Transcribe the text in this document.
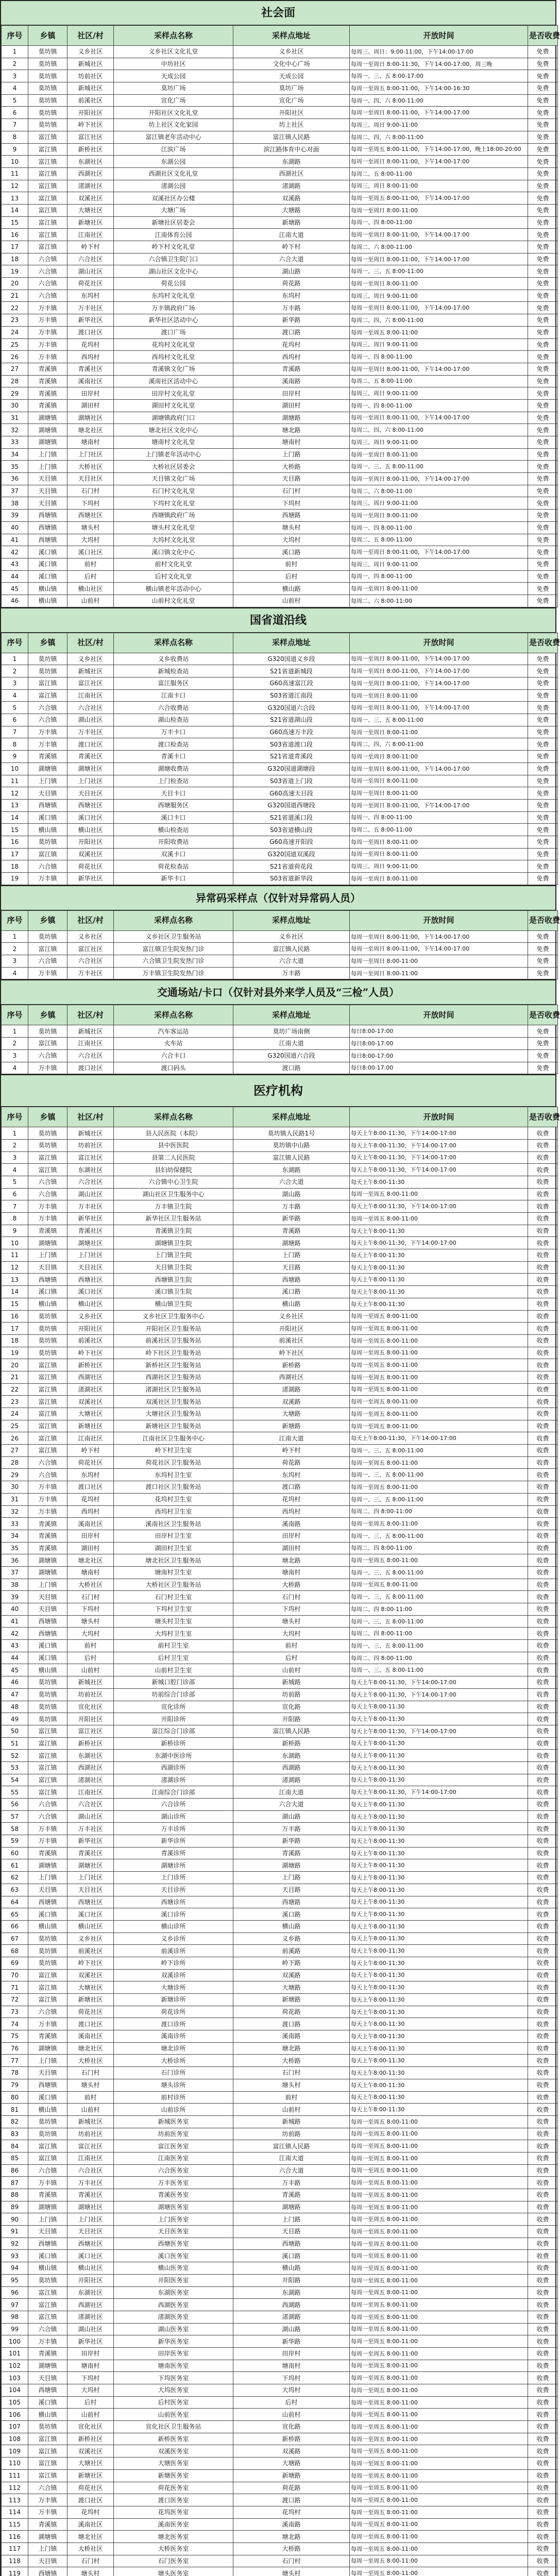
社会面
序号	乡镇	社区/村	采样点名称	采样点地址	开放时间	是否收费
1	莫坊镇	义乡社区	义乡社区文化礼堂	义乡社区	每周三、周日：9:00-11:00，下午14:00-17:00	免费
2	莫坊镇	新城社区	中坊社区	文化中心广场	每周一至周日 8:00-11:30，下午14:00-17:00，周三晚	免费
3	莫坊镇	坊前社区	天成公园	天成公园	每周一、三、五 8:00-17:00	免费
4	莫坊镇	新城社区	莫坊广场	莫坊广场	每周一至周五 8:00-11:00，下午14:00-16:30	免费
5	莫坊镇	前溪社区	宣化广场	宣化广场	每周一、四、六 8:00-11:00	免费
6	莫坊镇	开阳社区	开阳社区文化礼堂	开阳社区	每周一至周日 8:00-11:00，下午14:00-17:00	免费
7	莫坊镇	岭下社区	坊上社区文化家园	坊上社区	每周三、周日 9:00-11:00	免费
8	富江镇	富江社区	富江镇老年活动中心	富江镇人民路	每周二、四、六 8:00-11:00	免费
9	富江镇	新桥社区	江滨广场	滨江路体育中心对面	每周一至周五 8:00-11:00，下午14:00-17:00，晚上18:00-20:00	免费
10	富江镇	东湖社区	东湖公园	东湖路	每周一至周日 8:00-11:00，下午14:00-17:00	免费
11	富江镇	西湖社区	西湖社区文化礼堂	西湖社区	每周二、五 8:00-11:00	免费
12	富江镇	渚湖社区	渚湖公园	渚湖路	每周三、周日 8:00-11:00	免费
13	富江镇	双溪社区	双溪社区办公楼	双溪路	每周一至周五 8:00-11:00，下午14:00-17:00	免费
14	富江镇	大塘社区	大塘广场	大塘路	每周一至周日 8:00-11:00	免费
15	富江镇	新塘社区	新塘社区居委会	新塘路	每周一、四 8:00-11:00	免费
16	富江镇	江南社区	江南体育公园	江南大道	每周一至周日 8:00-11:00，下午14:00-17:00	免费
17	富江镇	岭下村	岭下村文化礼堂	岭下村	每周二、六 8:00-11:00	免费
18	六合镇	六合社区	六合镇卫生院门口	六合大道	每周一至周日 8:00-11:00，下午14:00-17:00	免费
19	六合镇	湖山社区	湖山社区文化中心	湖山路	每周一、三、五 8:00-11:00	免费
20	六合镇	荷花社区	荷花公园	荷花路	每周一至周日 8:00-11:00	免费
21	六合镇	东坞村	东坞村文化礼堂	东坞村	每周三、周日 9:00-11:00	免费
22	万丰镇	万丰社区	万丰镇政府广场	万丰路	每周一至周日 8:00-11:00，下午14:00-17:00	免费
23	万丰镇	新华社区	新华社区活动中心	新华路	每周二、四、六 8:00-11:00	免费
24	万丰镇	渡口社区	渡口广场	渡口路	每周一至周五 8:00-11:00	免费
25	万丰镇	花坞村	花坞村文化礼堂	花坞村	每周三、周日 9:00-11:00	免费
26	万丰镇	西坞村	西坞村文化礼堂	西坞村	每周一、四 8:00-11:00	免费
27	青溪镇	青溪社区	青溪镇文化广场	青溪路	每周一至周日 8:00-11:00，下午14:00-17:00	免费
28	青溪镇	溪南社区	溪南社区活动中心	溪南路	每周二、五 8:00-11:00	免费
29	青溪镇	田岸村	田岸村文化礼堂	田岸村	每周三、周日 9:00-11:00	免费
30	青溪镇	湖田村	湖田村文化礼堂	湖田村	每周一、四 8:00-11:00	免费
31	湖塘镇	湖塘社区	湖塘镇政府门口	湖塘路	每周一至周日 8:00-11:00，下午14:00-17:00	免费
32	湖塘镇	塘北社区	塘北社区文化中心	塘北路	每周二、四、六 8:00-11:00	免费
33	湖塘镇	塘南村	塘南村文化礼堂	塘南村	每周三、周日 9:00-11:00	免费
34	上门镇	上门社区	上门镇老年活动中心	上门路	每周一至周日 8:00-11:00	免费
35	上门镇	大桥社区	大桥社区居委会	大桥路	每周一、三、五 8:00-11:00	免费
36	天目镇	天目社区	天目镇文化广场	天目路	每周一至周日 8:00-11:00，下午14:00-17:00	免费
37	天目镇	石门村	石门村文化礼堂	石门村	每周二、六 8:00-11:00	免费
38	天目镇	下坞村	下坞村文化礼堂	下坞村	每周三、周日 9:00-11:00	免费
39	西塘镇	西塘社区	西塘镇政府广场	西塘路	每周一至周日 8:00-11:00	免费
40	西塘镇	塘头村	塘头村文化礼堂	塘头村	每周一、四 8:00-11:00	免费
41	西塘镇	大坞村	大坞村文化礼堂	大坞村	每周二、五 8:00-11:00	免费
42	溪口镇	溪口社区	溪口镇文化中心	溪口路	每周一至周日 8:00-11:00，下午14:00-17:00	免费
43	溪口镇	前村	前村文化礼堂	前村	每周三、周日 9:00-11:00	免费
44	溪口镇	后村	后村文化礼堂	后村	每周一、四 8:00-11:00	免费
45	横山镇	横山社区	横山镇老年活动中心	横山路	每周一至周日 8:00-11:00	免费
46	横山镇	山前村	山前村文化礼堂	山前村	每周二、六 8:00-11:00	免费
国省道沿线
序号	乡镇	社区/村	采样点名称	采样点地址	开放时间	是否收费
1	莫坊镇	义乡社区	义乡收费站	G320国道义乡段	每周一至周日 8:00-11:00，下午14:00-17:00	免费
2	莫坊镇	新城社区	新城检查站	S21省道新城段	每周一至周日 8:00-11:00，下午14:00-17:00	免费
3	富江镇	富江社区	富江服务区	G60高速富江段	每周一至周日 8:00-11:00，下午14:00-17:00	免费
4	富江镇	江南社区	江南卡口	S03省道江南段	每周一至周日 8:00-11:00	免费
5	六合镇	六合社区	六合收费站	G320国道六合段	每周一至周日 8:00-11:00，下午14:00-17:00	免费
6	六合镇	湖山社区	湖山检查站	S21省道湖山段	每周一、三、五 8:00-11:00	免费
7	万丰镇	万丰社区	万丰卡口	G60高速万丰段	每周一至周日 8:00-11:00	免费
8	万丰镇	渡口社区	渡口检查站	S03省道渡口段	每周二、四、六 8:00-11:00	免费
9	青溪镇	青溪社区	青溪卡口	S21省道青溪段	每周一至周日 8:00-11:00	免费
10	湖塘镇	湖塘社区	湖塘收费站	G320国道湖塘段	每周一至周日 8:00-11:00，下午14:00-17:00	免费
11	上门镇	上门社区	上门检查站	S03省道上门段	每周一至周日 8:00-11:00	免费
12	天目镇	天目社区	天目卡口	G60高速天目段	每周一至周日 8:00-11:00	免费
13	西塘镇	西塘社区	西塘服务区	G320国道西塘段	每周一至周日 8:00-11:00，下午14:00-17:00	免费
14	溪口镇	溪口社区	溪口卡口	S21省道溪口段	每周一、四 8:00-11:00	免费
15	横山镇	横山社区	横山检查站	S03省道横山段	每周二、五 8:00-11:00	免费
16	莫坊镇	开阳社区	开阳收费站	G60高速开阳段	每周一至周日 8:00-11:00	免费
17	富江镇	双溪社区	双溪卡口	G320国道双溪段	每周一至周日 8:00-11:00	免费
18	六合镇	荷花社区	荷花检查站	S21省道荷花段	每周三、周日 9:00-11:00	免费
19	万丰镇	新华社区	新华卡口	S03省道新华段	每周一至周日 8:00-11:00	免费
异常码采样点（仅针对异常码人员）
序号	乡镇	社区/村	采样点名称	采样点地址	开放时间	是否收费
1	莫坊镇	义乡社区	义乡社区卫生服务站	义乡社区	每周一至周日 8:00-11:00，下午14:00-17:00	免费
2	富江镇	富江社区	富江镇卫生院发热门诊	富江镇人民路	每周一至周日 8:00-11:00，下午14:00-17:00	免费
3	六合镇	六合社区	六合镇卫生院发热门诊	六合大道	每周一至周日 8:00-11:00	免费
4	万丰镇	万丰社区	万丰镇卫生院发热门诊	万丰路	每周一至周日 8:00-11:00	免费
交通场站/卡口（仅针对县外来学人员及“三检”人员）
序号	乡镇	社区/村	采样点名称	采样点地址	开放时间	是否收费
1	莫坊镇	新城社区	汽车客运站	莫坊广场南侧	每日8:00-17:00	免费
2	富江镇	江南社区	火车站	江南大道	每日8:00-17:00	免费
3	六合镇	六合社区	六合卡口	G320国道六合段	每日8:00-17:00	免费
4	万丰镇	渡口社区	渡口码头	渡口路	每日8:00-17:00	免费
医疗机构
序号	乡镇	社区/村	采样点名称	采样点地址	开放时间	是否收费
1	莫坊镇	新城社区	县人民医院（本院）	莫坊镇人民路1号	每天上午8:00-11:30，下午14:00-17:00	收费
2	莫坊镇	坊前社区	县中医医院	莫坊镇中山路	每天上午8:00-11:30，下午14:00-17:00	收费
3	富江镇	富江社区	县第二人民医院	富江镇人民路	每天上午8:00-11:30，下午14:00-17:00	收费
4	富江镇	东湖社区	县妇幼保健院	东湖路	每天上午8:00-11:30，下午14:00-17:00	收费
5	六合镇	六合社区	六合镇中心卫生院	六合大道	每天上午8:00-11:30	收费
6	六合镇	湖山社区	湖山社区卫生服务中心	湖山路	每周一至周五 8:00-11:00	收费
7	万丰镇	万丰社区	万丰镇卫生院	万丰路	每天上午8:00-11:30，下午14:00-17:00	收费
8	万丰镇	新华社区	新华社区卫生服务站	新华路	每周一至周五 8:00-11:00	收费
9	青溪镇	青溪社区	青溪镇卫生院	青溪路	每天上午8:00-11:30	收费
10	湖塘镇	湖塘社区	湖塘镇卫生院	湖塘路	每天上午8:00-11:30，下午14:00-17:00	收费
11	上门镇	上门社区	上门镇卫生院	上门路	每天上午8:00-11:30	收费
12	天目镇	天目社区	天目镇卫生院	天目路	每天上午8:00-11:30	收费
13	西塘镇	西塘社区	西塘镇卫生院	西塘路	每天上午8:00-11:30	收费
14	溪口镇	溪口社区	溪口镇卫生院	溪口路	每天上午8:00-11:30	收费
15	横山镇	横山社区	横山镇卫生院	横山路	每天上午8:00-11:30	收费
16	莫坊镇	义乡社区	义乡社区卫生服务中心	义乡社区	每周一至周五 8:00-11:00	收费
17	莫坊镇	开阳社区	开阳社区卫生服务站	开阳社区	每周一至周五 8:00-11:00	收费
18	莫坊镇	前溪社区	前溪社区卫生服务站	前溪社区	每周一至周五 8:00-11:00	收费
19	莫坊镇	岭下社区	岭下社区卫生服务站	岭下社区	每周一至周五 8:00-11:00	收费
20	富江镇	新桥社区	新桥社区卫生服务站	新桥路	每周一至周五 8:00-11:00	收费
21	富江镇	西湖社区	西湖社区卫生服务站	西湖社区	每周一至周五 8:00-11:00	收费
22	富江镇	渚湖社区	渚湖社区卫生服务站	渚湖路	每周一至周五 8:00-11:00	收费
23	富江镇	双溪社区	双溪社区卫生服务站	双溪路	每周一至周五 8:00-11:00	收费
24	富江镇	大塘社区	大塘社区卫生服务站	大塘路	每周一至周五 8:00-11:00	收费
25	富江镇	新塘社区	新塘社区卫生服务站	新塘路	每周一至周五 8:00-11:00	收费
26	富江镇	江南社区	江南社区卫生服务中心	江南大道	每天上午8:00-11:30，下午14:00-17:00	收费
27	富江镇	岭下村	岭下村卫生室	岭下村	每周一、三、五 8:00-11:00	收费
28	六合镇	荷花社区	荷花社区卫生服务站	荷花路	每周一至周五 8:00-11:00	收费
29	六合镇	东坞村	东坞村卫生室	东坞村	每周一、三、五 8:00-11:00	收费
30	万丰镇	渡口社区	渡口社区卫生服务站	渡口路	每周一至周五 8:00-11:00	收费
31	万丰镇	花坞村	花坞村卫生室	花坞村	每周一、三、五 8:00-11:00	收费
32	万丰镇	西坞村	西坞村卫生室	西坞村	每周二、四 8:00-11:00	收费
33	青溪镇	溪南社区	溪南社区卫生服务站	溪南路	每周一至周五 8:00-11:00	收费
34	青溪镇	田岸村	田岸村卫生室	田岸村	每周一、三、五 8:00-11:00	收费
35	青溪镇	湖田村	湖田村卫生室	湖田村	每周二、四 8:00-11:00	收费
36	湖塘镇	塘北社区	塘北社区卫生服务站	塘北路	每周一至周五 8:00-11:00	收费
37	湖塘镇	塘南村	塘南村卫生室	塘南村	每周一、三、五 8:00-11:00	收费
38	上门镇	大桥社区	大桥社区卫生服务站	大桥路	每周一至周五 8:00-11:00	收费
39	天目镇	石门村	石门村卫生室	石门村	每周一、三、五 8:00-11:00	收费
40	天目镇	下坞村	下坞村卫生室	下坞村	每周二、四 8:00-11:00	收费
41	西塘镇	塘头村	塘头村卫生室	塘头村	每周一、三、五 8:00-11:00	收费
42	西塘镇	大坞村	大坞村卫生室	大坞村	每周二、四 8:00-11:00	收费
43	溪口镇	前村	前村卫生室	前村	每周一、三、五 8:00-11:00	收费
44	溪口镇	后村	后村卫生室	后村	每周二、四 8:00-11:00	收费
45	横山镇	山前村	山前村卫生室	山前村	每周一、三、五 8:00-11:00	收费
46	莫坊镇	新城社区	新城口腔门诊部	新城路	每天上午8:00-11:30，下午14:00-17:00	收费
47	莫坊镇	坊前社区	坊前综合门诊部	坊前路	每天上午8:00-11:30，下午14:00-17:00	收费
48	莫坊镇	宣化社区	宣化诊所	宣化路	每天上午8:00-11:30	收费
49	莫坊镇	开阳社区	开阳诊所	开阳路	每天上午8:00-11:30	收费
50	富江镇	富江社区	富江综合门诊部	富江镇人民路	每天上午8:00-11:30，下午14:00-17:00	收费
51	富江镇	新桥社区	新桥诊所	新桥路	每天上午8:00-11:30	收费
52	富江镇	东湖社区	东湖中医诊所	东湖路	每天上午8:00-11:30	收费
53	富江镇	西湖社区	西湖诊所	西湖路	每天上午8:00-11:30	收费
54	富江镇	渚湖社区	渚湖诊所	渚湖路	每天上午8:00-11:30	收费
55	富江镇	江南社区	江南综合门诊部	江南大道	每天上午8:00-11:30，下午14:00-17:00	收费
56	六合镇	六合社区	六合诊所	六合大道	每天上午8:00-11:30	收费
57	六合镇	湖山社区	湖山诊所	湖山路	每天上午8:00-11:30	收费
58	万丰镇	万丰社区	万丰诊所	万丰路	每天上午8:00-11:30	收费
59	万丰镇	新华社区	新华诊所	新华路	每天上午8:00-11:30	收费
60	青溪镇	青溪社区	青溪诊所	青溪路	每天上午8:00-11:30	收费
61	湖塘镇	湖塘社区	湖塘诊所	湖塘路	每天上午8:00-11:30	收费
62	上门镇	上门社区	上门诊所	上门路	每天上午8:00-11:30	收费
63	天目镇	天目社区	天目诊所	天目路	每天上午8:00-11:30	收费
64	西塘镇	西塘社区	西塘诊所	西塘路	每天上午8:00-11:30	收费
65	溪口镇	溪口社区	溪口诊所	溪口路	每天上午8:00-11:30	收费
66	横山镇	横山社区	横山诊所	横山路	每天上午8:00-11:30	收费
67	莫坊镇	义乡社区	义乡诊所	义乡路	每天上午8:00-11:30	收费
68	莫坊镇	前溪社区	前溪诊所	前溪路	每天上午8:00-11:30	收费
69	莫坊镇	岭下社区	岭下诊所	岭下路	每天上午8:00-11:30	收费
70	富江镇	双溪社区	双溪诊所	双溪路	每天上午8:00-11:30	收费
71	富江镇	大塘社区	大塘诊所	大塘路	每天上午8:00-11:30	收费
72	富江镇	新塘社区	新塘诊所	新塘路	每天上午8:00-11:30	收费
73	六合镇	荷花社区	荷花诊所	荷花路	每天上午8:00-11:30	收费
74	万丰镇	渡口社区	渡口诊所	渡口路	每天上午8:00-11:30	收费
75	青溪镇	溪南社区	溪南诊所	溪南路	每天上午8:00-11:30	收费
76	湖塘镇	塘北社区	塘北诊所	塘北路	每天上午8:00-11:30	收费
77	上门镇	大桥社区	大桥诊所	大桥路	每天上午8:00-11:30	收费
78	天目镇	石门村	石门诊所	石门村	每天上午8:00-11:30	收费
79	西塘镇	塘头村	塘头诊所	塘头村	每天上午8:00-11:30	收费
80	溪口镇	前村	前村诊所	前村	每天上午8:00-11:30	收费
81	横山镇	山前村	山前诊所	山前村	每天上午8:00-11:30	收费
82	莫坊镇	新城社区	新城医务室	新城路	每周一至周五 8:00-11:00	收费
83	莫坊镇	坊前社区	坊前医务室	坊前路	每周一至周五 8:00-11:00	收费
84	富江镇	富江社区	富江医务室	富江镇人民路	每周一至周五 8:00-11:00	收费
85	富江镇	江南社区	江南医务室	江南大道	每周一至周五 8:00-11:00	收费
86	六合镇	六合社区	六合医务室	六合大道	每周一至周五 8:00-11:00	收费
87	万丰镇	万丰社区	万丰医务室	万丰路	每周一至周五 8:00-11:00	收费
88	青溪镇	青溪社区	青溪医务室	青溪路	每周一至周五 8:00-11:00	收费
89	湖塘镇	湖塘社区	湖塘医务室	湖塘路	每周一至周五 8:00-11:00	收费
90	上门镇	上门社区	上门医务室	上门路	每周一至周五 8:00-11:00	收费
91	天目镇	天目社区	天目医务室	天目路	每周一至周五 8:00-11:00	收费
92	西塘镇	西塘社区	西塘医务室	西塘路	每周一至周五 8:00-11:00	收费
93	溪口镇	溪口社区	溪口医务室	溪口路	每周一至周五 8:00-11:00	收费
94	横山镇	横山社区	横山医务室	横山路	每周一至周五 8:00-11:00	收费
95	莫坊镇	开阳社区	开阳医务室	开阳路	每周一至周五 8:00-11:00	收费
96	富江镇	东湖社区	东湖医务室	东湖路	每周一至周五 8:00-11:00	收费
97	富江镇	西湖社区	西湖医务室	西湖路	每周一至周五 8:00-11:00	收费
98	富江镇	渚湖社区	渚湖医务室	渚湖路	每周一至周五 8:00-11:00	收费
99	六合镇	湖山社区	湖山医务室	湖山路	每周一至周五 8:00-11:00	收费
100	万丰镇	新华社区	新华医务室	新华路	每周一至周五 8:00-11:00	收费
101	青溪镇	田岸村	田岸医务室	田岸村	每周一至周五 8:00-11:00	收费
102	湖塘镇	塘南村	塘南医务室	塘南村	每周一至周五 8:00-11:00	收费
103	天目镇	下坞村	下坞医务室	下坞村	每周一至周五 8:00-11:00	收费
104	西塘镇	大坞村	大坞医务室	大坞村	每周一至周五 8:00-11:00	收费
105	溪口镇	后村	后村医务室	后村	每周一至周五 8:00-11:00	收费
106	横山镇	山前村	山前医务室	山前村	每周一至周五 8:00-11:00	收费
107	莫坊镇	宣化社区	宣化社区卫生服务站	宣化路	每周一至周五 8:00-11:00	收费
108	富江镇	新桥社区	新桥医务室	新桥路	每周一至周五 8:00-11:00	收费
109	富江镇	双溪社区	双溪医务室	双溪路	每周一至周五 8:00-11:00	收费
110	富江镇	大塘社区	大塘医务室	大塘路	每周一至周五 8:00-11:00	收费
111	富江镇	新塘社区	新塘医务室	新塘路	每周一至周五 8:00-11:00	收费
112	六合镇	荷花社区	荷花医务室	荷花路	每周一至周五 8:00-11:00	收费
113	万丰镇	渡口社区	渡口医务室	渡口路	每周一至周五 8:00-11:00	收费
114	万丰镇	花坞村	花坞医务室	花坞村	每周一至周五 8:00-11:00	收费
115	青溪镇	溪南社区	溪南医务室	溪南路	每周一至周五 8:00-11:00	收费
116	湖塘镇	塘北社区	塘北医务室	塘北路	每周一至周五 8:00-11:00	收费
117	上门镇	大桥社区	大桥医务室	大桥路	每周一至周五 8:00-11:00	收费
118	天目镇	石门村	石门医务室	石门村	每周一至周五 8:00-11:00	收费
119	西塘镇	塘头村	塘头医务室	塘头村	每周一至周五 8:00-11:00	收费
